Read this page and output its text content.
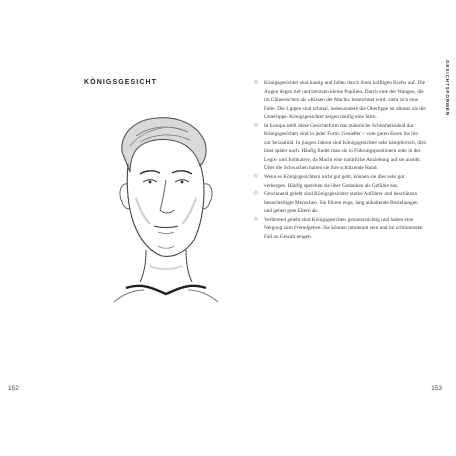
KÖNIGSGESICHT
152
GESICHTSFORMEN
153
◇ Königsgesichter sind kantig und fallen durch ihren kräftigen Kiefer auf. Die Augen liegen tief und besitzen kleine Pupillen. Durch eine der Wangen, die im Chinesischen als »Kissen der Macht« bezeichnet wird, zieht sich eine Falte. Die Lippen sind schmal, insbesondere die Oberlippe ist dünner als die Unterlippe. Königsgesichter zeigen häufig eine Stirn.
◇ In Europa stellt diese Gesichtsform das männliche Schönheitsideal dar. Königsgesichter sind in jeder Form: Genießer – vom guten Essen bis hin zur Sexualität. In jungen Jahren sind Königsgesichter sehr kämpferisch, dies lässt später nach. Häufig findet man sie in Führungspositionen oder in der Legis- und Judikative, da Macht eine natürliche Anziehung auf sie ausübt. Über die Schwachen halten sie ihre schützende Hand.
◇ Wenn es Königsgesichtern nicht gut geht, können sie dies sehr gut verbergen. Häufig sprechen sie über Gedanken als Gefühle aus.
◇ Gewinnend gelebt sind Königsgesichter starke Anführer und beschützen benachteiligte Menschen. Sie führen enge, lang anhaltende Beziehungen und geben gute Eltern ab.
◇ Verlierend gelebt sind Königsgesichter gemasstsüchtig und haben eine Neigung zum Fremdgehen. Sie können intolerant sein und im schlimmsten Fall zu Gewalt neigen.
